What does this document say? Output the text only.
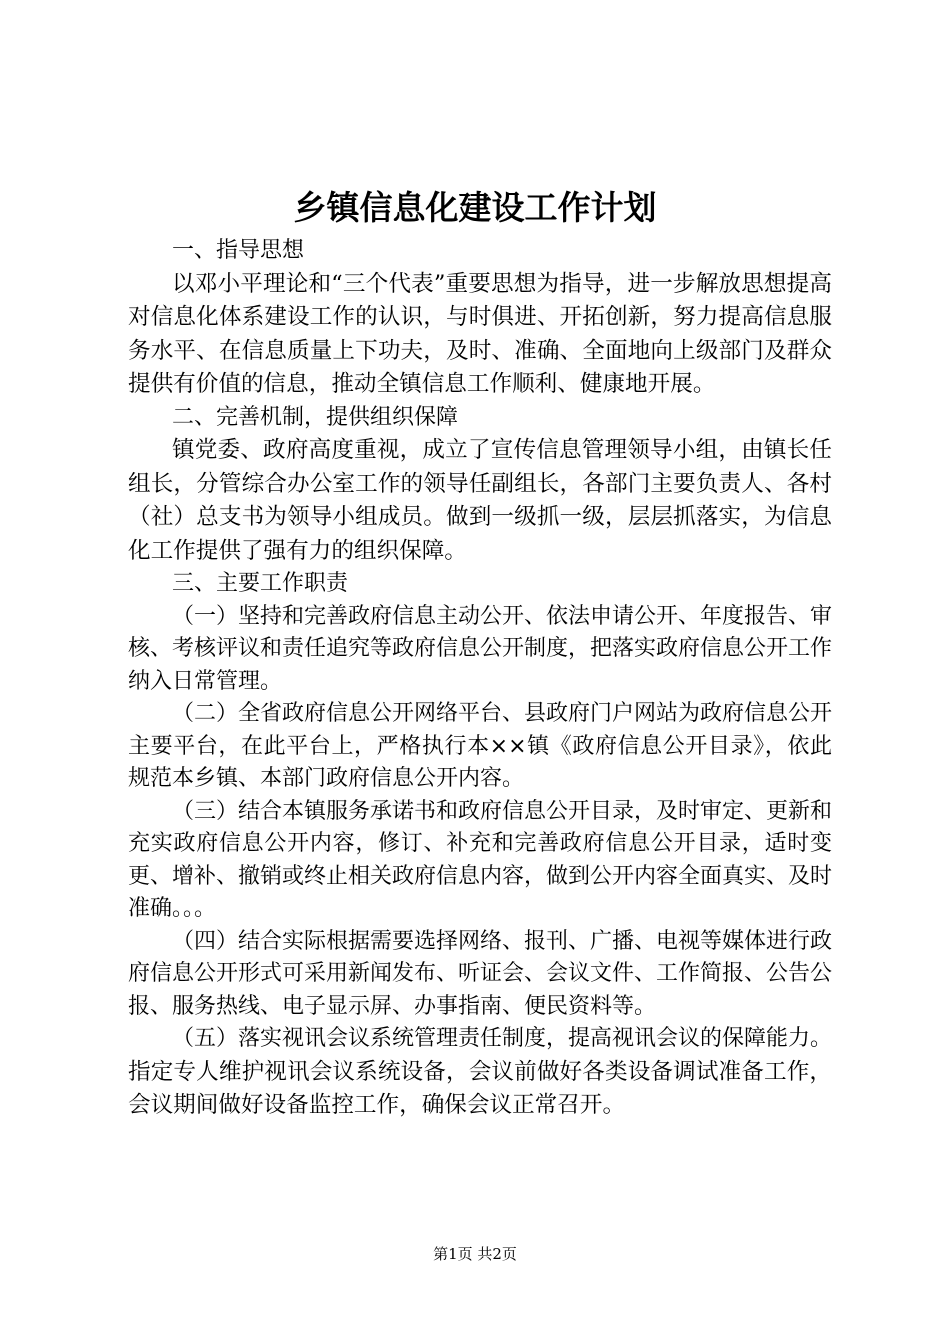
乡镇信息化建设工作计划

一、指导思想

以邓小平理论和“三个代表”重要思想为指导，进一步解放思想提高对信息化体系建设工作的认识，与时俱进、开拓创新，努力提高信息服务水平、在信息质量上下功夫，及时、准确、全面地向上级部门及群众提供有价值的信息，推动全镇信息工作顺利、健康地开展。

二、完善机制，提供组织保障

镇党委、政府高度重视，成立了宣传信息管理领导小组，由镇长任组长，分管综合办公室工作的领导任副组长，各部门主要负责人、各村（社）总支书为领导小组成员。做到一级抓一级，层层抓落实，为信息化工作提供了强有力的组织保障。

三、主要工作职责

（一）坚持和完善政府信息主动公开、依法申请公开、年度报告、审核、考核评议和责任追究等政府信息公开制度，把落实政府信息公开工作纳入日常管理。

（二）全省政府信息公开网络平台、县政府门户网站为政府信息公开主要平台，在此平台上，严格执行本××镇《政府信息公开目录》，依此规范本乡镇、本部门政府信息公开内容。

（三）结合本镇服务承诺书和政府信息公开目录，及时审定、更新和充实政府信息公开内容，修订、补充和完善政府信息公开目录，适时变更、增补、撤销或终止相关政府信息内容，做到公开内容全面真实、及时准确。。。

（四）结合实际根据需要选择网络、报刊、广播、电视等媒体进行政府信息公开形式可采用新闻发布、听证会、会议文件、工作简报、公告公报、服务热线、电子显示屏、办事指南、便民资料等。

（五）落实视讯会议系统管理责任制度，提高视讯会议的保障能力。指定专人维护视讯会议系统设备，会议前做好各类设备调试准备工作，会议期间做好设备监控工作，确保会议正常召开。

第1页 共2页
